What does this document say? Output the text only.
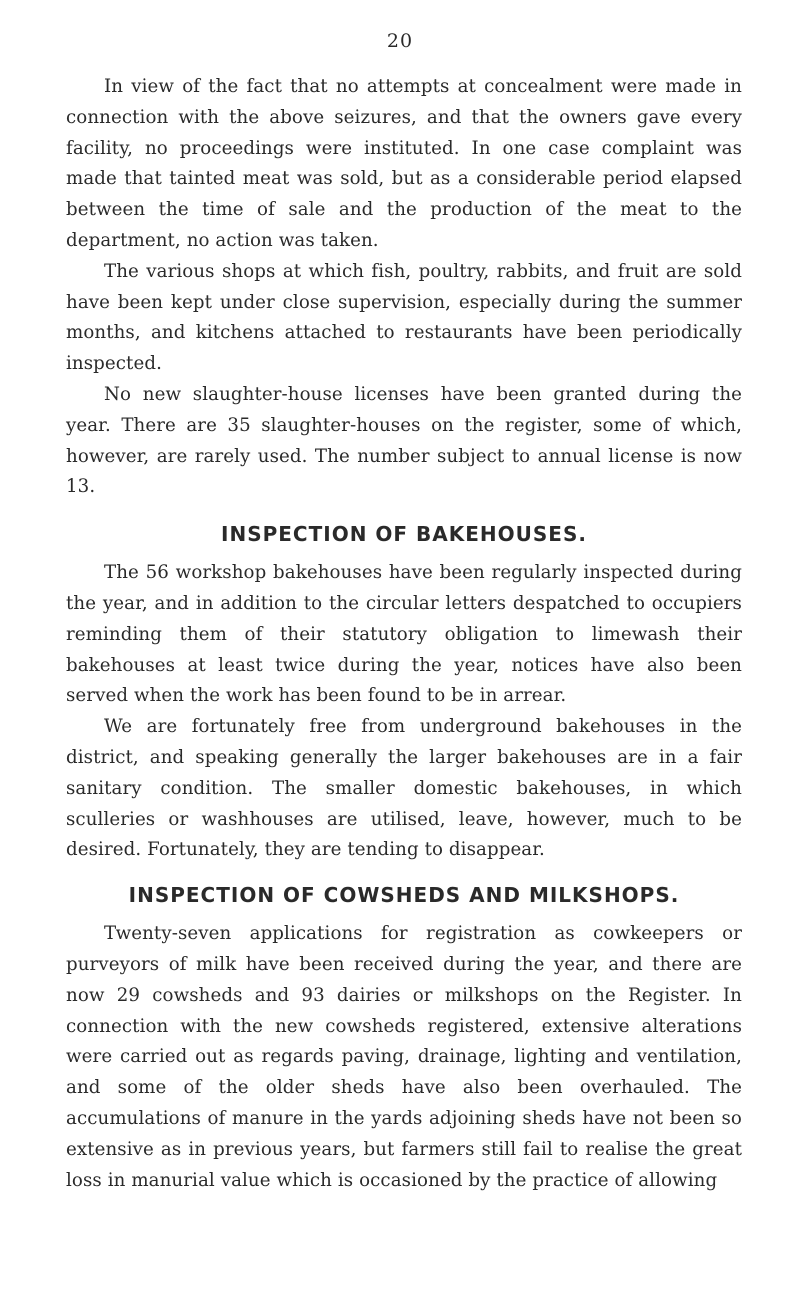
20

In view of the fact that no attempts at concealment were made in connection with the above seizures, and that the owners gave every facility, no proceedings were instituted. In one case complaint was made that tainted meat was sold, but as a considerable period elapsed between the time of sale and the production of the meat to the department, no action was taken.

The various shops at which fish, poultry, rabbits, and fruit are sold have been kept under close supervision, especially during the summer months, and kitchens attached to restaurants have been periodically inspected.

No new slaughter-house licenses have been granted during the year. There are 35 slaughter-houses on the register, some of which, however, are rarely used. The number subject to annual license is now 13.

INSPECTION OF BAKEHOUSES.

The 56 workshop bakehouses have been regularly inspected during the year, and in addition to the circular letters despatched to occupiers reminding them of their statutory obligation to limewash their bakehouses at least twice during the year, notices have also been served when the work has been found to be in arrear.

We are fortunately free from underground bakehouses in the district, and speaking generally the larger bakehouses are in a fair sanitary condition. The smaller domestic bakehouses, in which sculleries or washhouses are utilised, leave, however, much to be desired. Fortunately, they are tending to disappear.

INSPECTION OF COWSHEDS AND MILKSHOPS.

Twenty-seven applications for registration as cowkeepers or purveyors of milk have been received during the year, and there are now 29 cowsheds and 93 dairies or milkshops on the Register. In connection with the new cowsheds registered, extensive alterations were carried out as regards paving, drainage, lighting and ventilation, and some of the older sheds have also been overhauled. The accumulations of manure in the yards adjoining sheds have not been so extensive as in previous years, but farmers still fail to realise the great loss in manurial value which is occasioned by the practice of allowing
